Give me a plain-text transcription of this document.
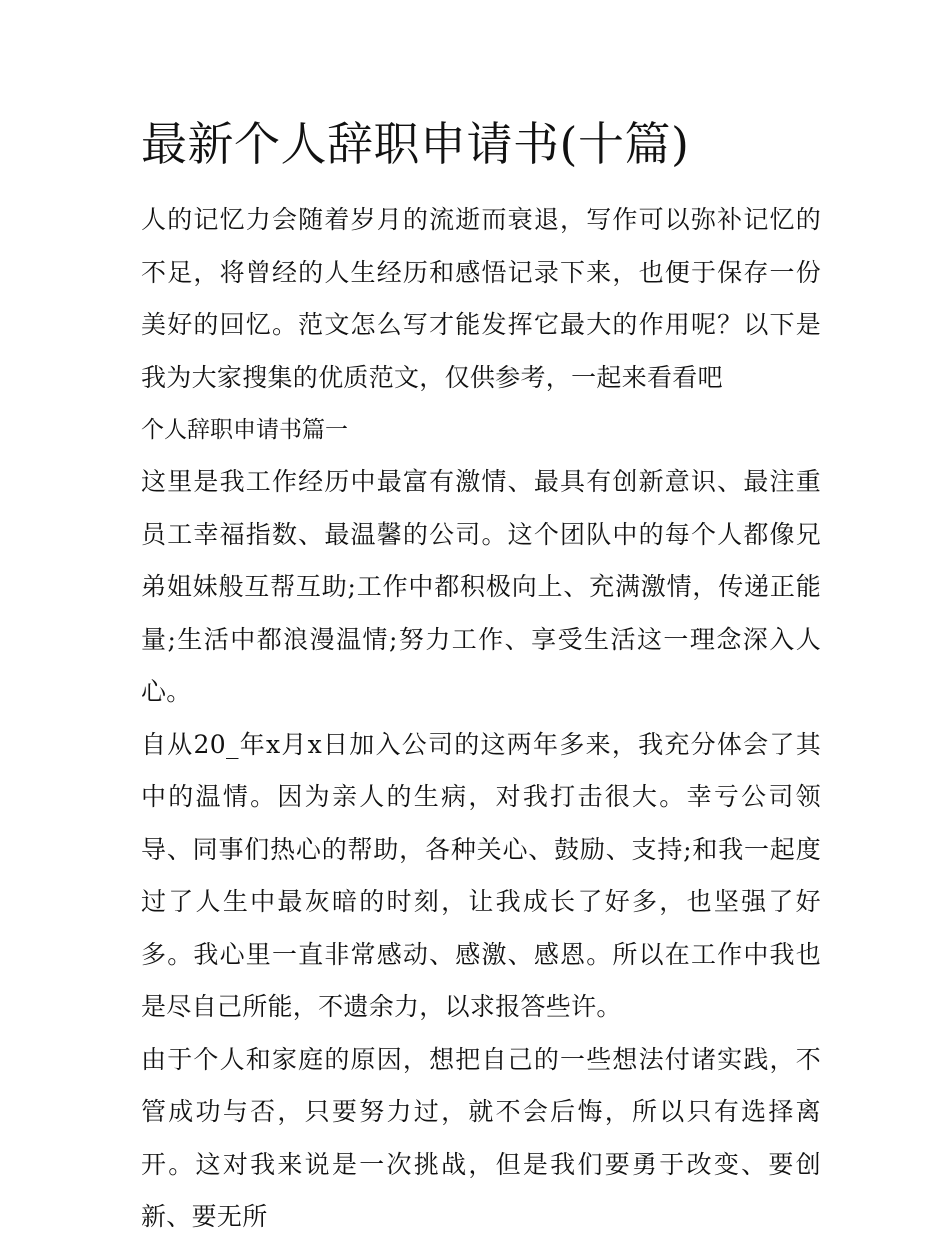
最新个人辞职申请书(十篇)

人的记忆力会随着岁月的流逝而衰退，写作可以弥补记忆的不足，将曾经的人生经历和感悟记录下来，也便于保存一份美好的回忆。范文怎么写才能发挥它最大的作用呢？以下是我为大家搜集的优质范文，仅供参考，一起来看看吧

个人辞职申请书篇一

这里是我工作经历中最富有激情、最具有创新意识、最注重员工幸福指数、最温馨的公司。这个团队中的每个人都像兄弟姐妹般互帮互助;工作中都积极向上、充满激情，传递正能量;生活中都浪漫温情;努力工作、享受生活这一理念深入人心。

自从20_年x月x日加入公司的这两年多来，我充分体会了其中的温情。因为亲人的生病，对我打击很大。幸亏公司领导、同事们热心的帮助，各种关心、鼓励、支持;和我一起度过了人生中最灰暗的时刻，让我成长了好多，也坚强了好多。我心里一直非常感动、感激、感恩。所以在工作中我也是尽自己所能，不遗余力，以求报答些许。

由于个人和家庭的原因，想把自己的一些想法付诸实践，不管成功与否，只要努力过，就不会后悔，所以只有选择离开。这对我来说是一次挑战，但是我们要勇于改变、要创新、要无所
